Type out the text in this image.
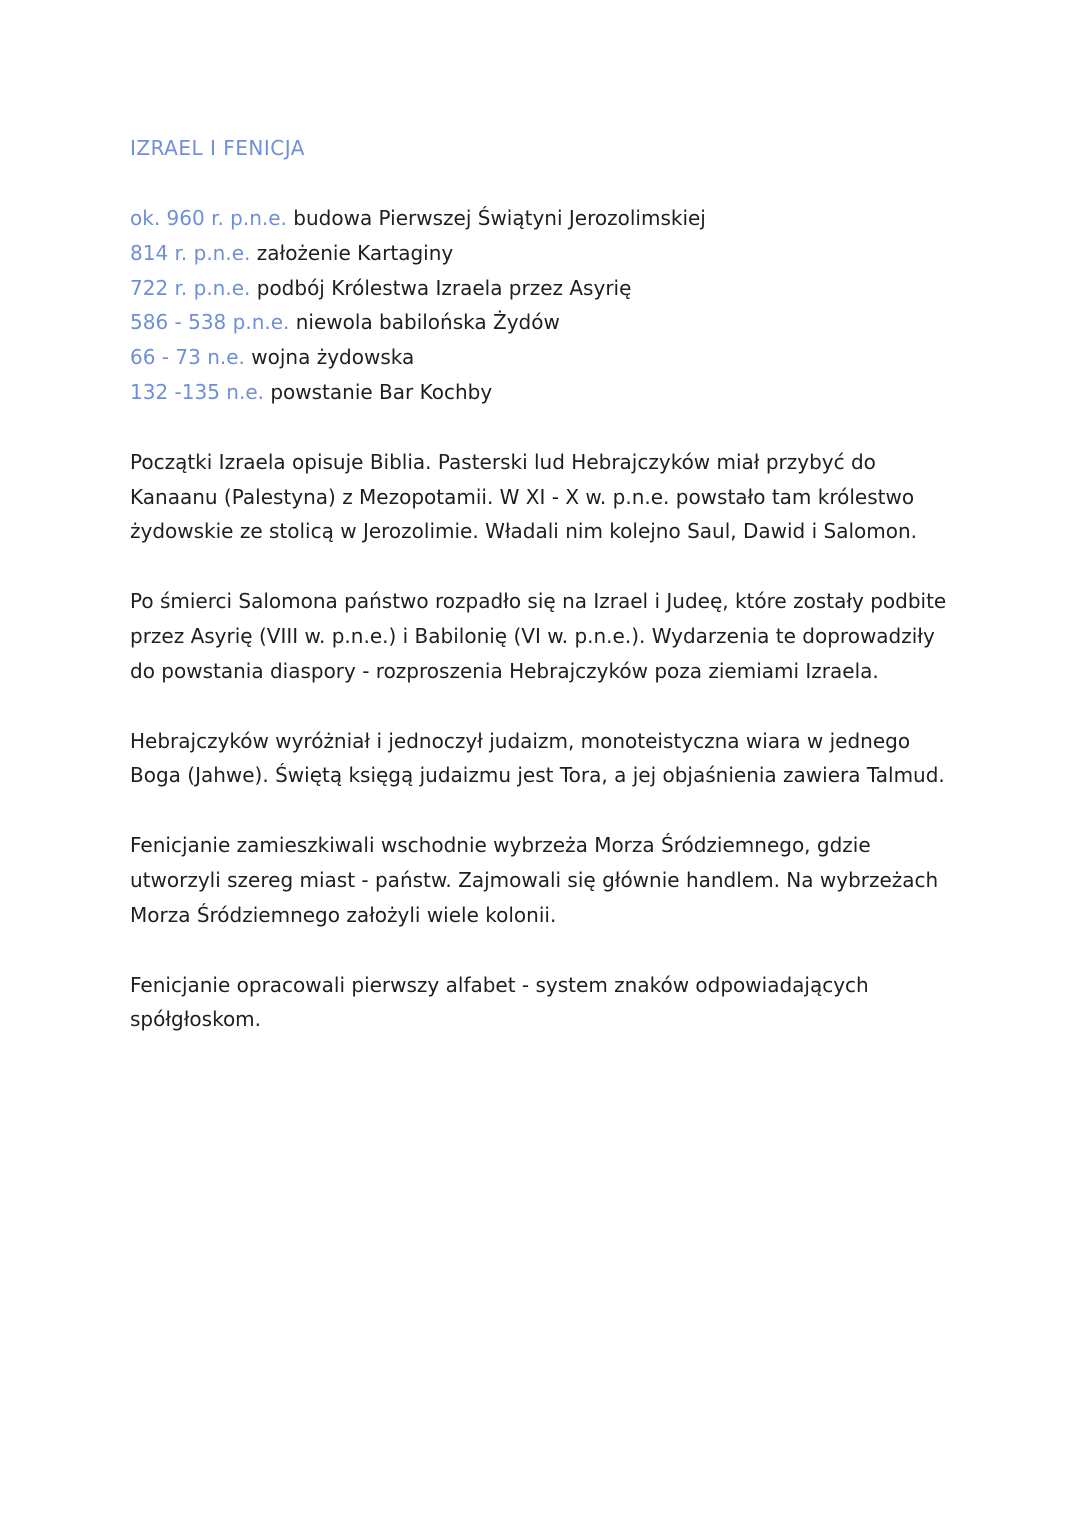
IZRAEL I FENICJA
ok. 960 r. p.n.e. budowa Pierwszej Świątyni Jerozolimskiej
814 r. p.n.e. założenie Kartaginy
722 r. p.n.e. podbój Królestwa Izraela przez Asyrię
586 - 538 p.n.e. niewola babilońska Żydów
66 - 73 n.e. wojna żydowska
132 -135 n.e. powstanie Bar Kochby

Początki Izraela opisuje Biblia. Pasterski lud Hebrajczyków miał przybyć do Kanaanu (Palestyna) z Mezopotamii. W XI - X w. p.n.e. powstało tam królestwo żydowskie ze stolicą w Jerozolimie. Władali nim kolejno Saul, Dawid i Salomon.

Po śmierci Salomona państwo rozpadło się na Izrael i Judeę, które zostały podbite przez Asyrię (VIII w. p.n.e.) i Babilonię (VI w. p.n.e.). Wydarzenia te doprowadziły do powstania diaspory - rozproszenia Hebrajczyków poza ziemiami Izraela.

Hebrajczyków wyróżniał i jednoczył judaizm, monoteistyczna wiara w jednego Boga (Jahwe). Świętą księgą judaizmu jest Tora, a jej objaśnienia zawiera Talmud.

Fenicjanie zamieszkiwali wschodnie wybrzeża Morza Śródziemnego, gdzie utworzyli szereg miast - państw. Zajmowali się głównie handlem. Na wybrzeżach Morza Śródziemnego założyli wiele kolonii.

Fenicjanie opracowali pierwszy alfabet - system znaków odpowiadających spółgłoskom.
